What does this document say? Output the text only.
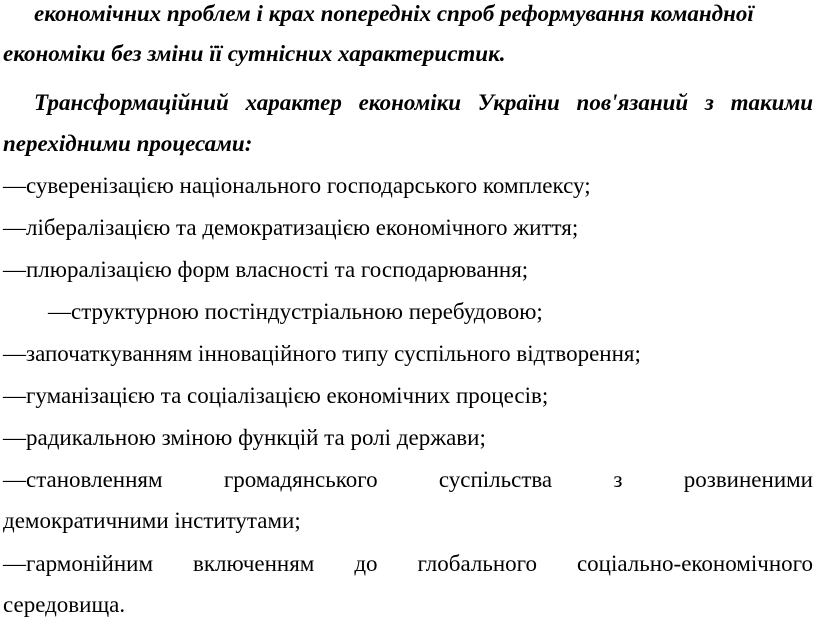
економічних проблем і крах попередніх спроб реформування командної
економіки без зміни її сутнісних характеристик.
Трансформаційний характер економіки України пов'язаний з такими
перехідними процесами:
—суверенізацією національного господарського комплексу;
—лібералізацією та демократизацією економічного життя;
—плюралізацією форм власності та господарювання;
—структурною постіндустріальною перебудовою;
—започаткуванням інноваційного типу суспільного відтворення;
—гуманізацією та соціалізацією економічних процесів;
—радикальною зміною функцій та ролі держави;
—становленням	громадянського	суспільства	з	розвиненими
демократичними інститутами;
—гармонійним включенням до глобального соціально-економічного
середовища.
